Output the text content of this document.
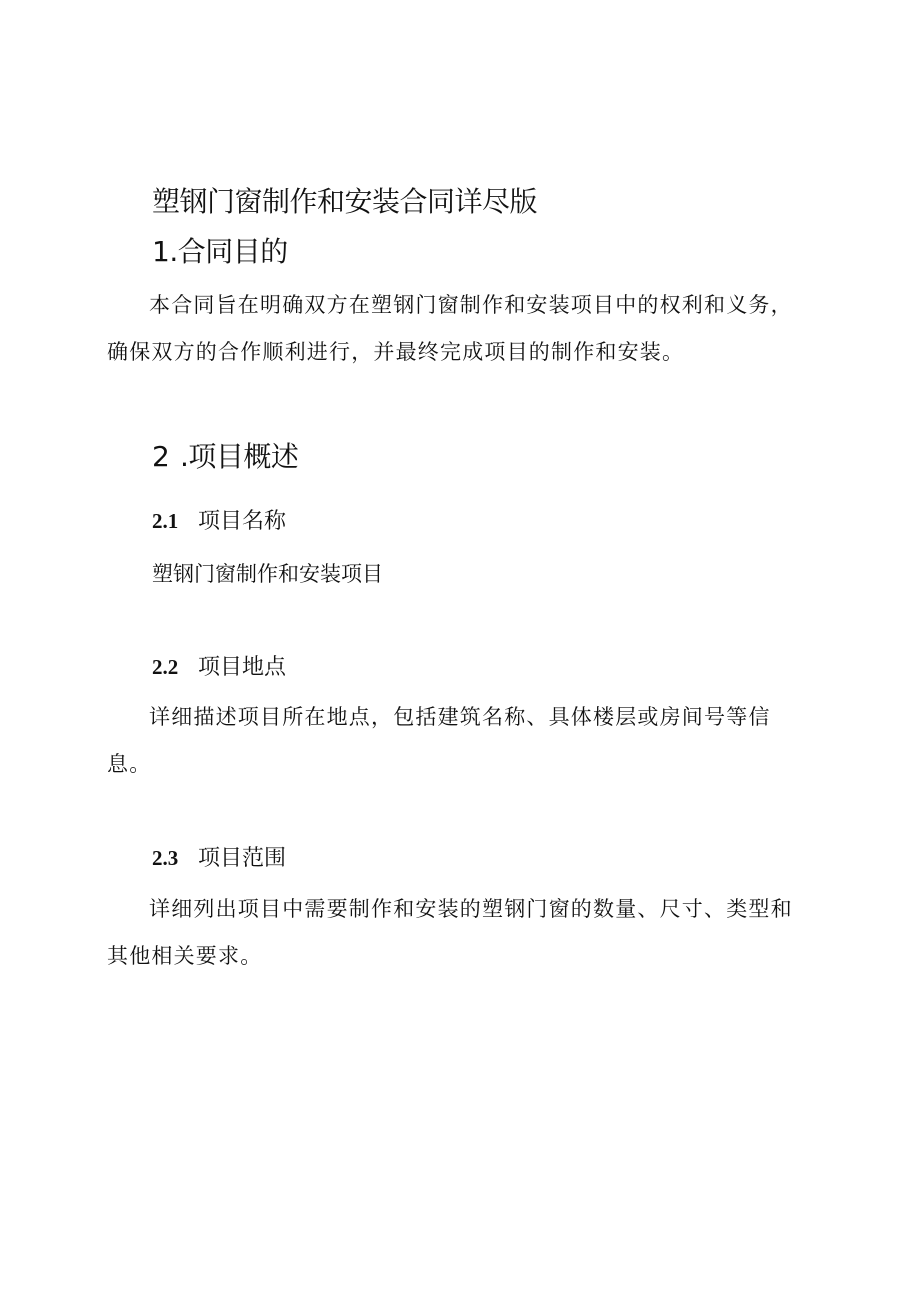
塑钢门窗制作和安装合同详尽版
1.合同目的
本合同旨在明确双方在塑钢门窗制作和安装项目中的权利和义务，确保双方的合作顺利进行，并最终完成项目的制作和安装。
2 .项目概述
2.1 项目名称
塑钢门窗制作和安装项目
2.2 项目地点
详细描述项目所在地点，包括建筑名称、具体楼层或房间号等信息。
2.3 项目范围
详细列出项目中需要制作和安装的塑钢门窗的数量、尺寸、类型和其他相关要求。
